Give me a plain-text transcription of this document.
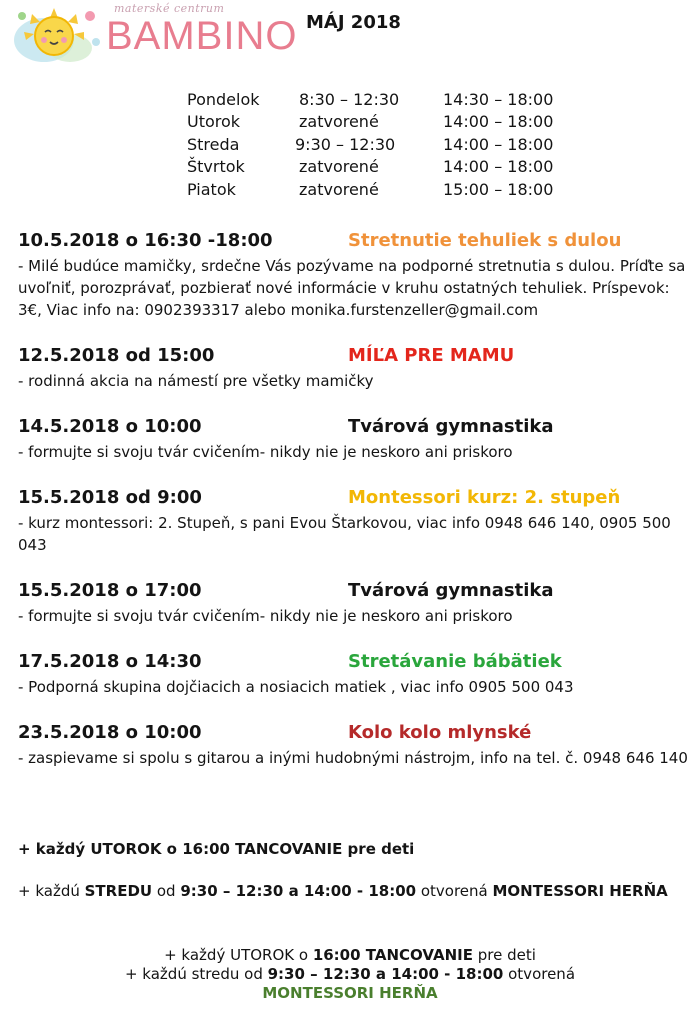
materské centrum
BAMBINO MÁJ 2018
Pondelok 8:30 – 12:30	14:30 – 18:00
Utorok	zatvorené	14:00 – 18:00
Streda	9:30 – 12:30	14:00 – 18:00
Štvrtok	zatvorené	14:00 – 18:00
Piatok	zatvorené	15:00 – 18:00
10.5.2018 o 16:30 -18:00	Stretnutie tehuliek s dulou
- Milé budúce mamičky, srdečne Vás pozývame na podporné stretnutia s dulou. Príďte sa uvoľniť, porozprávať, pozbierať nové informácie v kruhu ostatných tehuliek. Príspevok: 3€, Viac info na: 0902393317 alebo monika.furstenzeller@gmail.com
12.5.2018 od 15:00	MÍĽA PRE MAMU
- rodinná akcia na námestí pre všetky mamičky
14.5.2018 o 10:00	Tvárová gymnastika
- formujte si svoju tvár cvičením- nikdy nie je neskoro ani priskoro
15.5.2018 od 9:00	Montessori kurz: 2. stupeň
- kurz montessori: 2. Stupeň, s pani Evou Štarkovou, viac info 0948 646 140, 0905 500 043
15.5.2018 o 17:00	Tvárová gymnastika
- formujte si svoju tvár cvičením- nikdy nie je neskoro ani priskoro
17.5.2018 o 14:30	Stretávanie bábätiek
- Podporná skupina dojčiacich a nosiacich matiek , viac info 0905 500 043
23.5.2018 o 10:00	Kolo kolo mlynské
- zaspievame si spolu s gitarou a inými hudobnými nástrojm, info na tel. č. 0948 646 140
+ každý UTOROK o 16:00 TANCOVANIE pre deti
+ každú STREDU od 9:30 – 12:30 a 14:00 - 18:00 otvorená MONTESSORI HERŇA
+ každý UTOROK o 16:00 TANCOVANIE pre deti
+ každú stredu od 9:30 – 12:30 a 14:00 - 18:00 otvorená
MONTESSORI HERŇA
